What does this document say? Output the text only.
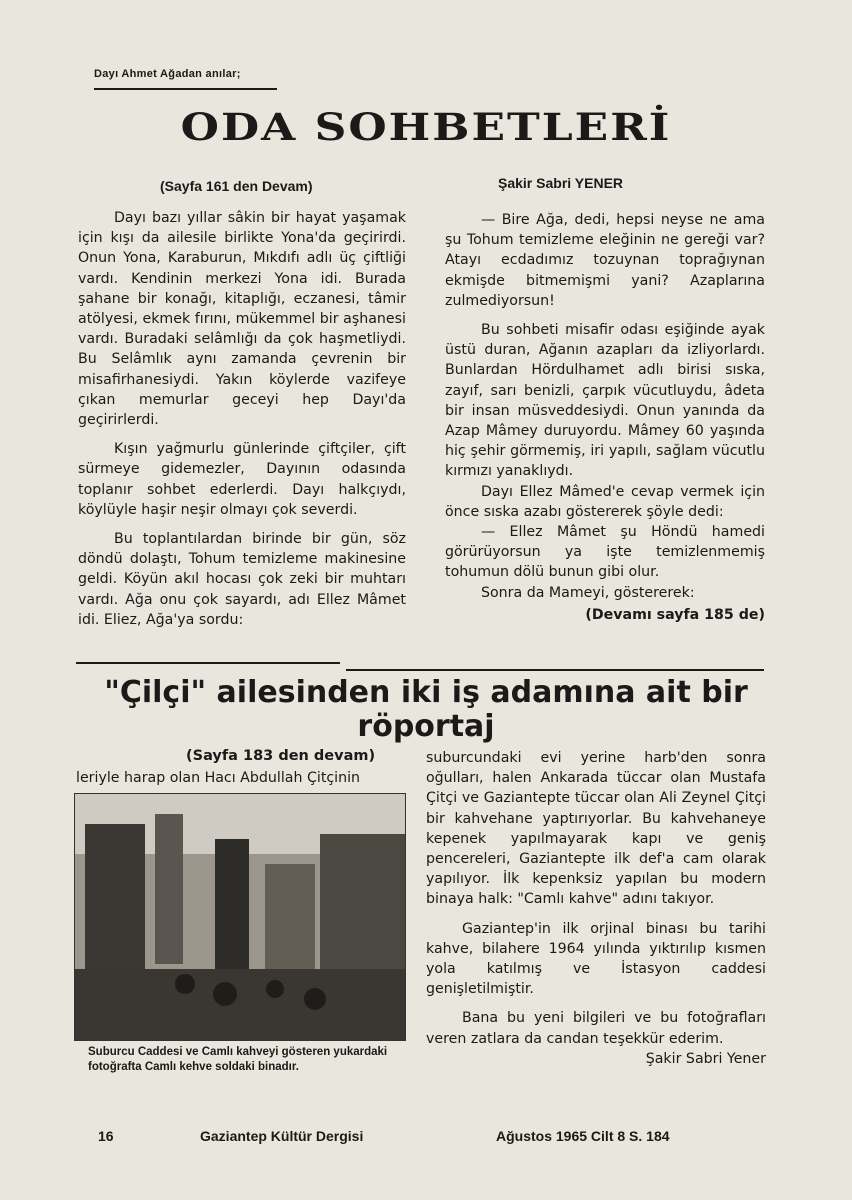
Dayı Ahmet Ağadan anılar;
ODA SOHBETLERİ
(Sayfa 161 den Devam)	Şakir Sabri YENER

Dayı bazı yıllar sâkin bir hayat yaşamak için kışı da ailesile birlikte Yona'da geçirirdi. Onun Yona, Karaburun, Mıkdıfı adlı üç çiftliği vardı. Kendinin merkezi Yona idi. Burada şahane bir konağı, kitaplığı, eczanesi, tâmir atölyesi, ekmek fırını, mükemmel bir aşhanesi vardı. Buradaki selâmlığı da çok haşmetliydi. Bu Selâmlık aynı zamanda çevrenin bir misafirhanesiydi. Yakın köylerde vazifeye çıkan memurlar geceyi hep Dayı'da geçirirlerdi.

Kışın yağmurlu günlerinde çiftçiler, çift sürmeye gidemezler, Dayının odasında toplanır sohbet ederlerdi. Dayı halkçıydı, köylüyle haşir neşir olmayı çok severdi.

Bu toplantılardan birinde bir gün, söz döndü dolaştı, Tohum temizleme makinesine geldi. Köyün akıl hocası çok zeki bir muhtarı vardı. Ağa onu çok sayardı, adı Ellez Mâmet idi. Eliez, Ağa'ya sordu:

— Bire Ağa, dedi, hepsi neyse ne ama şu Tohum temizleme eleğinin ne gereği var? Atayı ecdadımız tozuynan toprağıynan ekmişde bitmemişmi yani? Azaplarına zulmediyorsun!

Bu sohbeti misafir odası eşiğinde ayak üstü duran, Ağanın azapları da izliyorlardı. Bunlardan Hördulhamet adlı birisi sıska, zayıf, sarı benizli, çarpık vücutluydu, âdeta bir insan müsveddesiydi. Onun yanında da Azap Mâmey duruyordu. Mâmey 60 yaşında hiç şehir görmemiş, iri yapılı, sağlam vücutlu kırmızı yanaklıydı.

Dayı Ellez Mâmed'e cevap vermek için önce sıska azabı göstererek şöyle dedi:

— Ellez Mâmet şu Höndü hamedi görürüyorsun ya işte temizlenmemiş tohumun dölü bunun gibi olur.

Sonra da Mameyi, göstererek:

(Devamı sayfa 185 de)

"Çilçi" ailesinden iki iş adamına ait bir
röportaj
(Sayfa 183 den devam)
leriyle harap olan Hacı Abdullah Çitçinin
Suburcu Caddesi ve Camlı kahveyi gösteren yukardaki fotoğrafta Camlı kehve soldaki binadır.

suburcundaki evi yerine harb'den sonra oğulları, halen Ankarada tüccar olan Mustafa Çitçi ve Gaziantepte tüccar olan Ali Zeynel Çitçi bir kahvehane yaptırıyorlar. Bu kahvehaneye kepenek yapılmayarak kapı ve geniş pencereleri, Gaziantepte ilk def'a cam olarak yapılıyor. İlk kepenksiz yapılan bu modern binaya halk: "Camlı kahve" adını takıyor.

Gaziantep'in ilk orjinal binası bu tarihi kahve, bilahere 1964 yılında yıktırılıp kısmen yola katılmış ve İstasyon caddesi genişletilmiştir.

Bana bu yeni bilgileri ve bu fotoğrafları veren zatlara da candan teşekkür ederim.

Şakir Sabri Yener

16	Gaziantep Kültür Dergisi	Ağustos 1965 Cilt 8 S. 184
